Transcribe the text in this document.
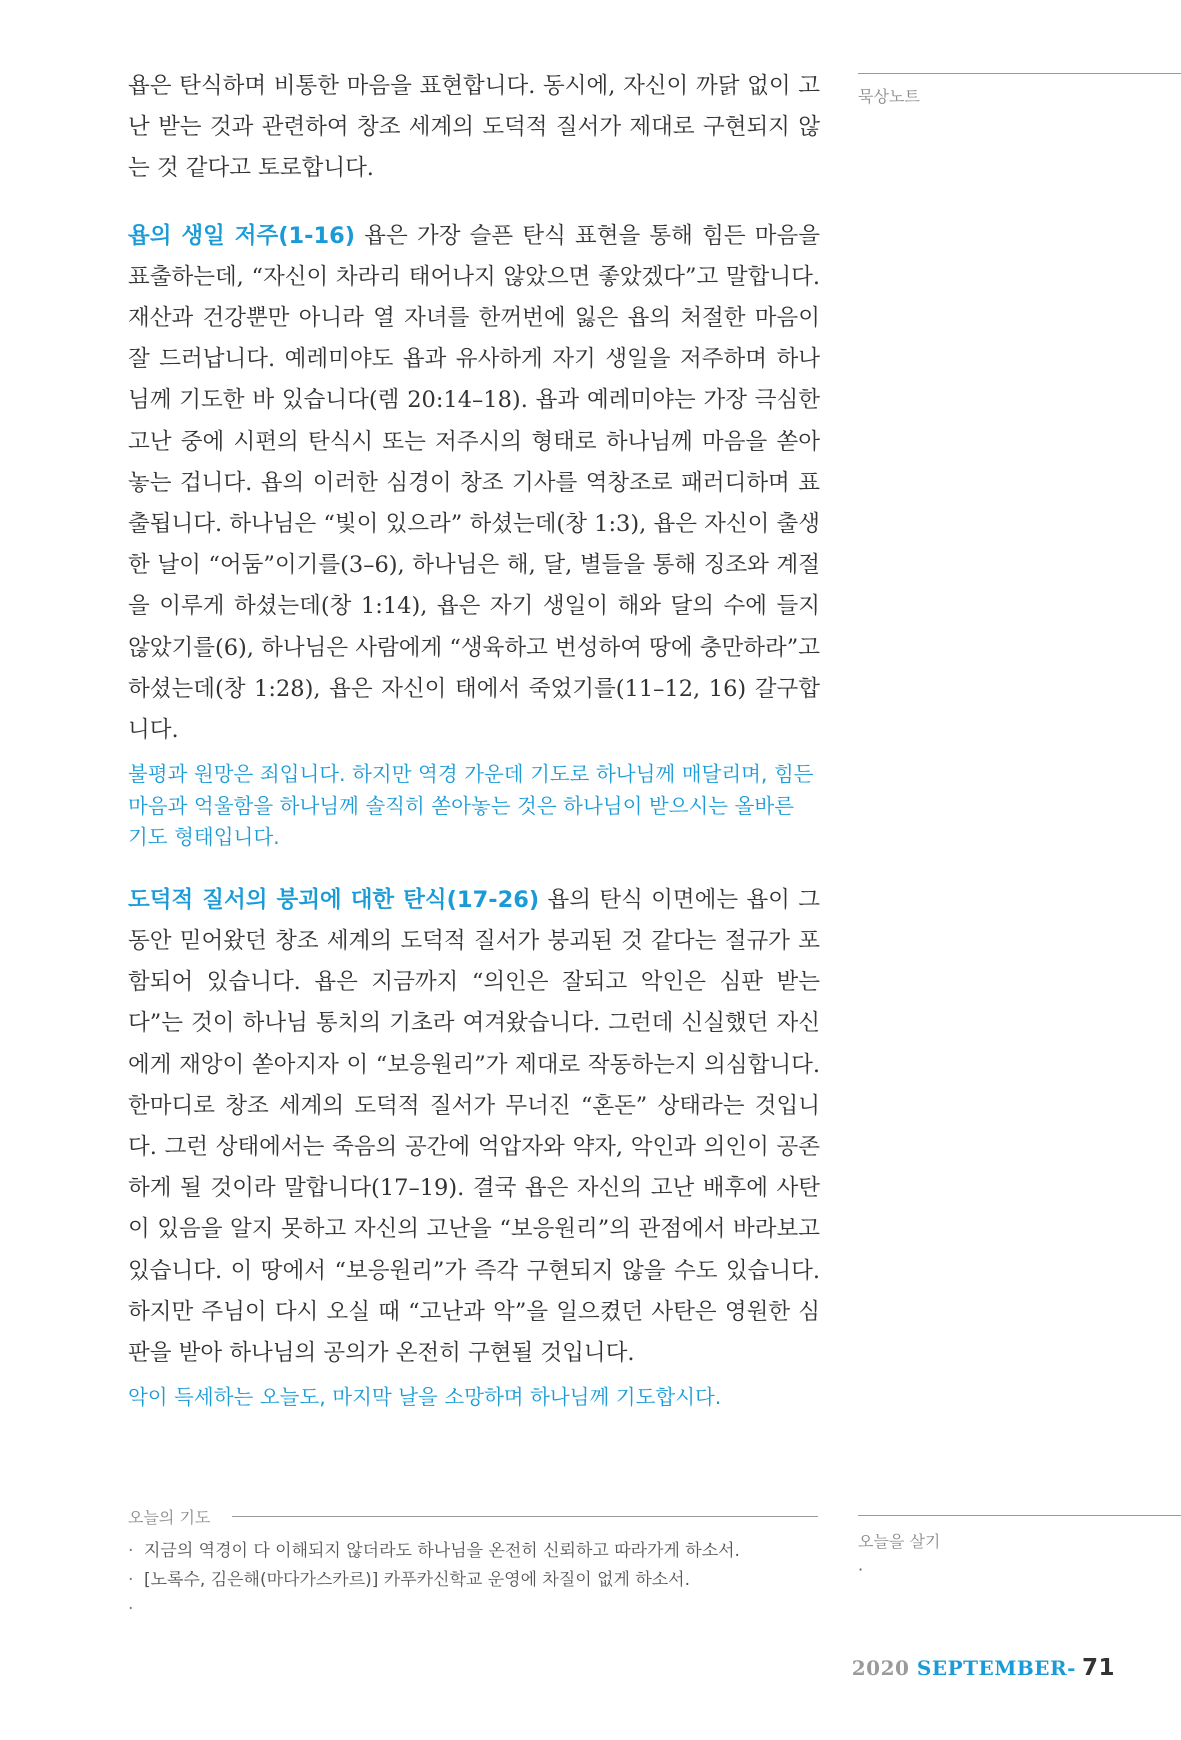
묵상노트
오늘을 살기
·

욥은 탄식하며 비통한 마음을 표현합니다. 동시에, 자신이 까닭 없이 고난 받는 것과 관련하여 창조 세계의 도덕적 질서가 제대로 구현되지 않는 것 같다고 토로합니다.

욥의 생일 저주(1-16) 욥은 가장 슬픈 탄식 표현을 통해 힘든 마음을 표출하는데, “자신이 차라리 태어나지 않았으면 좋았겠다”고 말합니다. 재산과 건강뿐만 아니라 열 자녀를 한꺼번에 잃은 욥의 처절한 마음이 잘 드러납니다. 예레미야도 욥과 유사하게 자기 생일을 저주하며 하나님께 기도한 바 있습니다(렘 20:14–18). 욥과 예레미야는 가장 극심한 고난 중에 시편의 탄식시 또는 저주시의 형태로 하나님께 마음을 쏟아놓는 겁니다. 욥의 이러한 심경이 창조 기사를 역창조로 패러디하며 표출됩니다. 하나님은 “빛이 있으라” 하셨는데(창 1:3), 욥은 자신이 출생한 날이 “어둠”이기를(3–6), 하나님은 해, 달, 별들을 통해 징조와 계절을 이루게 하셨는데(창 1:14), 욥은 자기 생일이 해와 달의 수에 들지 않았기를(6), 하나님은 사람에게 “생육하고 번성하여 땅에 충만하라”고 하셨는데(창 1:28), 욥은 자신이 태에서 죽었기를(11–12, 16) 갈구합니다.

불평과 원망은 죄입니다. 하지만 역경 가운데 기도로 하나님께 매달리며, 힘든 마음과 억울함을 하나님께 솔직히 쏟아놓는 것은 하나님이 받으시는 올바른 기도 형태입니다.

도덕적 질서의 붕괴에 대한 탄식(17-26) 욥의 탄식 이면에는 욥이 그동안 믿어왔던 창조 세계의 도덕적 질서가 붕괴된 것 같다는 절규가 포함되어 있습니다. 욥은 지금까지 “의인은 잘되고 악인은 심판 받는다”는 것이 하나님 통치의 기초라 여겨왔습니다. 그런데 신실했던 자신에게 재앙이 쏟아지자 이 “보응원리”가 제대로 작동하는지 의심합니다. 한마디로 창조 세계의 도덕적 질서가 무너진 “혼돈” 상태라는 것입니다. 그런 상태에서는 죽음의 공간에 억압자와 약자, 악인과 의인이 공존하게 될 것이라 말합니다(17–19). 결국 욥은 자신의 고난 배후에 사탄이 있음을 알지 못하고 자신의 고난을 “보응원리”의 관점에서 바라보고 있습니다. 이 땅에서 “보응원리”가 즉각 구현되지 않을 수도 있습니다. 하지만 주님이 다시 오실 때 “고난과 악”을 일으켰던 사탄은 영원한 심판을 받아 하나님의 공의가 온전히 구현될 것입니다.

악이 득세하는 오늘도, 마지막 날을 소망하며 하나님께 기도합시다.

오늘의 기도
· 지금의 역경이 다 이해되지 않더라도 하나님을 온전히 신뢰하고 따라가게 하소서.
· [노록수, 김은해(마다가스카르)] 카푸카신학교 운영에 차질이 없게 하소서.
·
2020 SEPTEMBER- 71
